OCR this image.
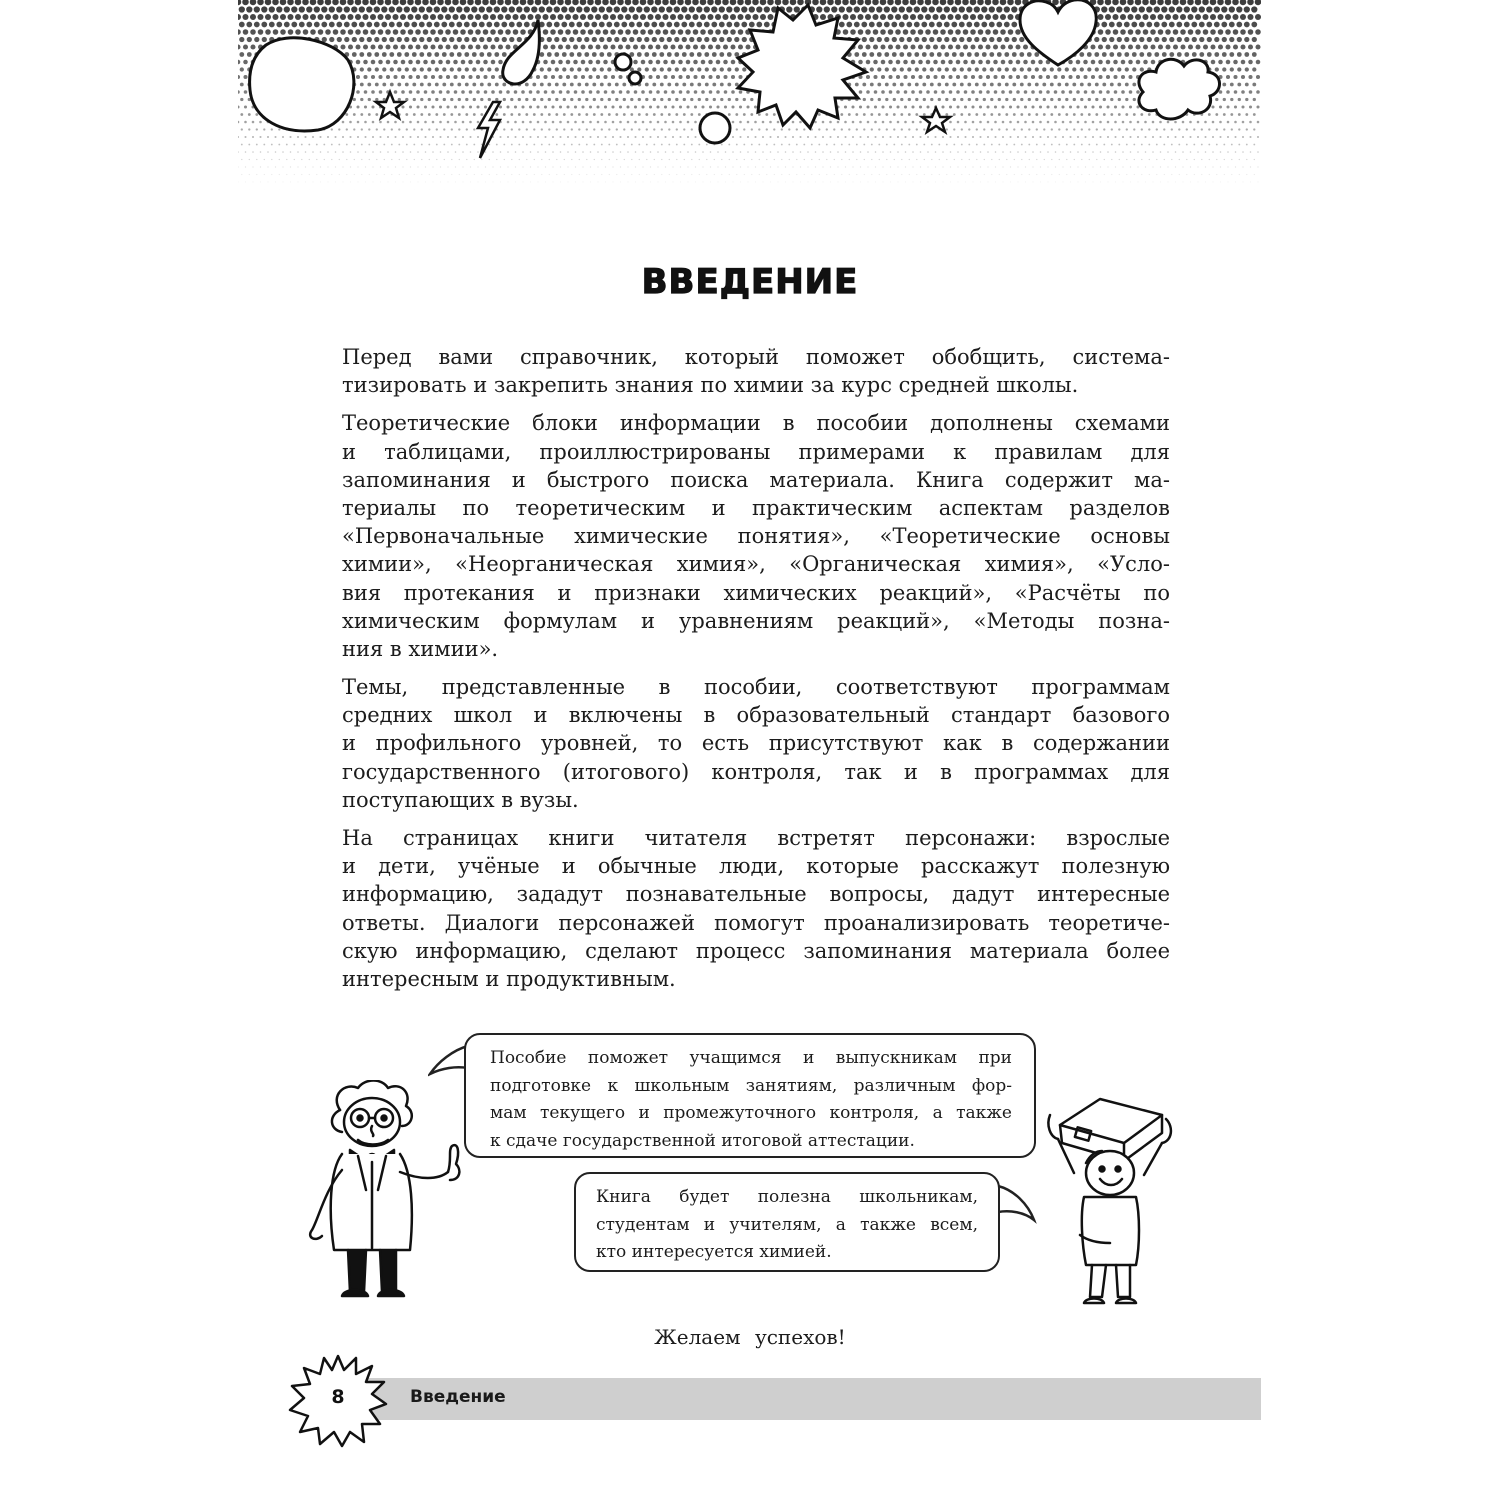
ВВЕДЕНИЕ

Перед вами справочник, который поможет обобщить, система-
тизировать и закрепить знания по химии за курс средней школы.

Теоретические блоки информации в пособии дополнены схемами
и таблицами, проиллюстрированы примерами к правилам для
запоминания и быстрого поиска материала. Книга содержит ма-
териалы по теоретическим и практическим аспектам разделов
«Первоначальные химические понятия», «Теоретические основы
химии», «Неорганическая химия», «Органическая химия», «Усло-
вия протекания и признаки химических реакций», «Расчёты по
химическим формулам и уравнениям реакций», «Методы позна-
ния в химии».

Темы, представленные в пособии, соответствуют программам
средних школ и включены в образовательный стандарт базового
и профильного уровней, то есть присутствуют как в содержании
государственного (итогового) контроля, так и в программах для
поступающих в вузы.

На страницах книги читателя встретят персонажи: взрослые
и дети, учёные и обычные люди, которые расскажут полезную
информацию, зададут познавательные вопросы, дадут интересные
ответы. Диалоги персонажей помогут проанализировать теоретиче-
скую информацию, сделают процесс запоминания материала более
интересным и продуктивным.

Пособие поможет учащимся и выпускникам при
подготовке к школьным занятиям, различным фор-
мам текущего и промежуточного контроля, а также
к сдаче государственной итоговой аттестации.
Книга будет полезна школьникам,
студентам и учителям, а также всем,
кто интересуется химией.
Желаем успехов!
8	Введение
